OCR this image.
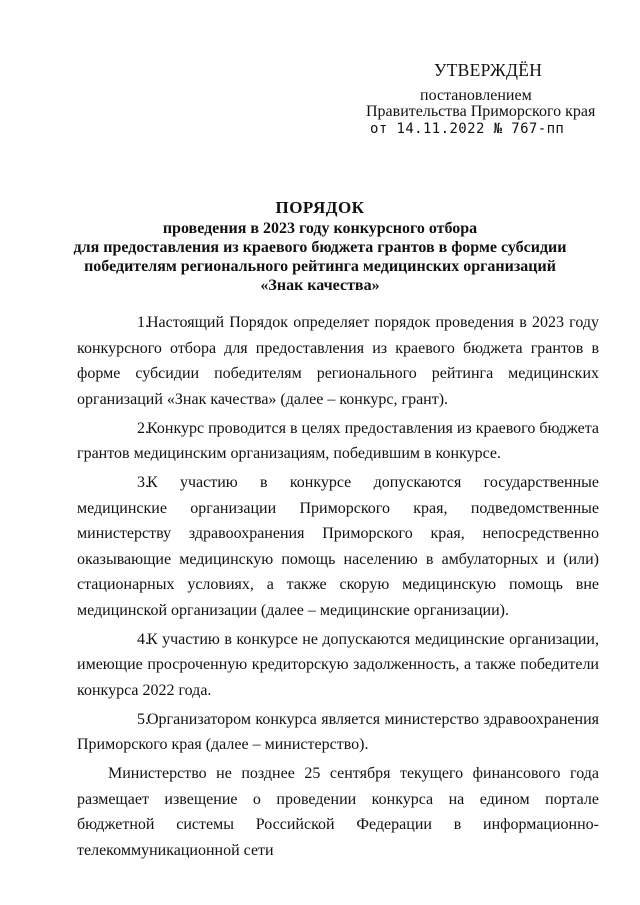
УТВЕРЖДЁН
постановлением
Правительства Приморского края
от 14.11.2022 № 767-пп
ПОРЯДОК
проведения в 2023 году конкурсного отбора
для предоставления из краевого бюджета грантов в форме субсидии
победителям регионального рейтинга медицинских организаций
«Знак качества»

1.Настоящий Порядок определяет порядок проведения в 2023 году конкурсного отбора для предоставления из краевого бюджета грантов в форме субсидии победителям регионального рейтинга медицинских организаций «Знак качества» (далее – конкурс, грант).

2.Конкурс проводится в целях предоставления из краевого бюджета грантов медицинским организациям, победившим в конкурсе.

3.К участию в конкурсе допускаются государственные медицинские организации Приморского края, подведомственные министерству здравоохранения Приморского края, непосредственно оказывающие медицинскую помощь населению в амбулаторных и (или) стационарных условиях, а также скорую медицинскую помощь вне медицинской организации (далее – медицинские организации).

4.К участию в конкурсе не допускаются медицинские организации, имеющие просроченную кредиторскую задолженность, а также победители конкурса 2022 года.

5.Организатором конкурса является министерство здравоохранения Приморского края (далее – министерство).

Министерство не позднее 25 сентября текущего финансового года размещает извещение о проведении конкурса на едином портале бюджетной системы Российской Федерации в информационно-телекоммуникационной сети
